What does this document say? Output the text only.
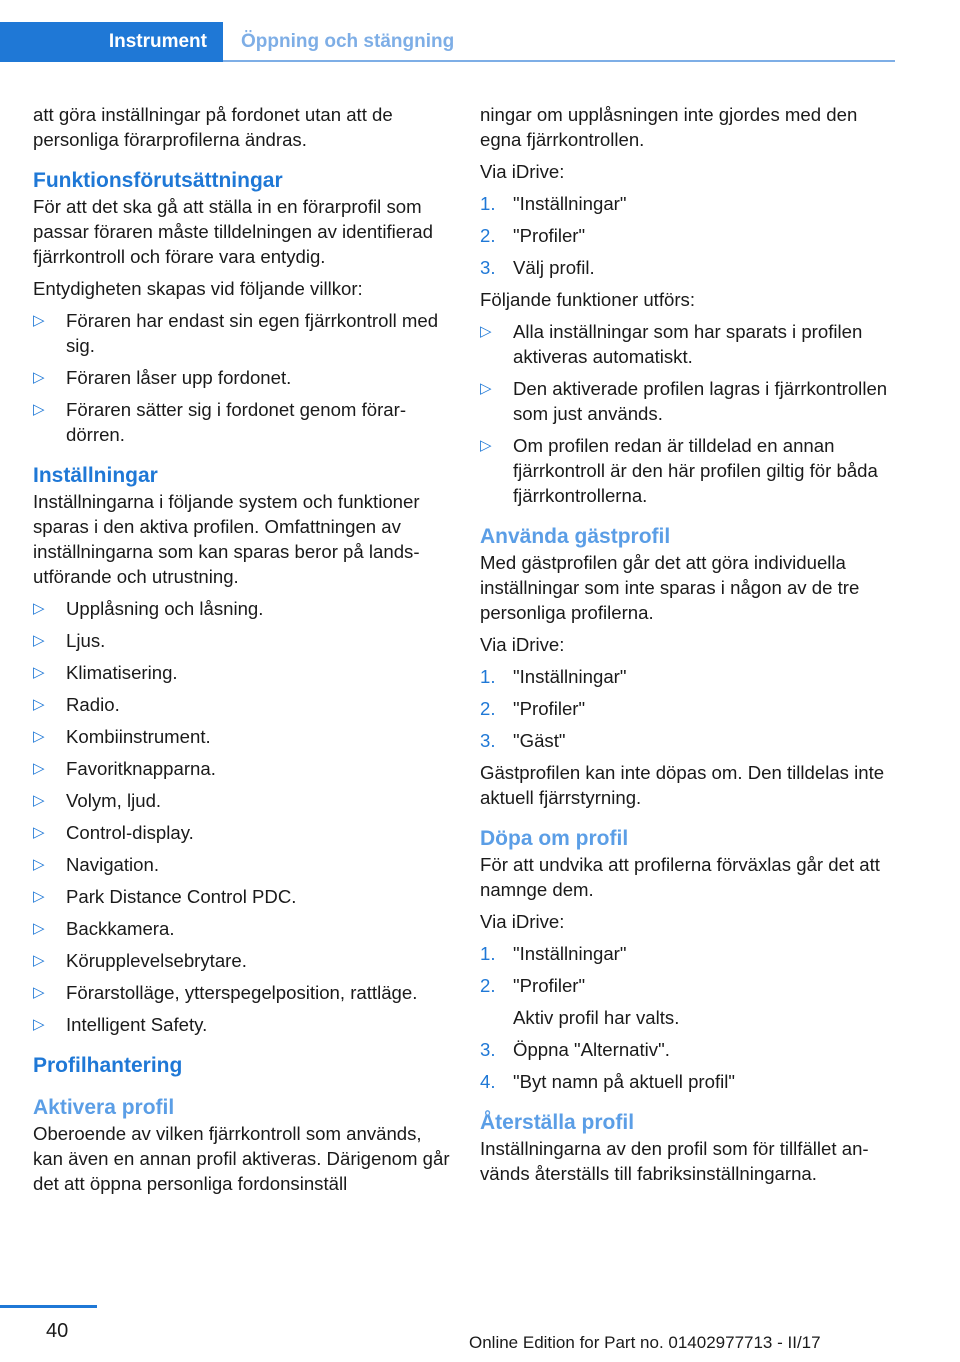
Instrument	Öppning och stängning

att göra inställningar på fordonet utan att de personliga förarprofilerna ändras.

Funktionsförutsättningar

För att det ska gå att ställa in en förarprofil som passar föraren måste tilldelningen av identifierad fjärrkontroll och förare vara entydig.

Entydigheten skapas vid följande villkor:

▷ Föraren har endast sin egen fjärrkontroll med sig.
▷ Föraren låser upp fordonet.
▷ Föraren sätter sig i fordonet genom förardörren.
Inställningar

Inställningarna i följande system och funktioner sparas i den aktiva profilen. Omfattningen av inställningarna som kan sparas beror på landsutförande och utrustning.

▷ Upplåsning och låsning.
▷ Ljus.
▷ Klimatisering.
▷ Radio.
▷ Kombiinstrument.
▷ Favoritknapparna.
▷ Volym, ljud.
▷ Control-display.
▷ Navigation.
▷ Park Distance Control PDC.
▷ Backkamera.
▷ Körupplevelsebrytare.
▷ Förarstolläge, ytterspegelposition, rattläge.
▷ Intelligent Safety.
Profilhantering
Aktivera profil

Oberoende av vilken fjärrkontroll som används, kan även en annan profil aktiveras. Därigenom går det att öppna personliga fordonsinställ

ningar om upplåsningen inte gjordes med den egna fjärrkontrollen.

Via iDrive:

1. "Inställningar"
2. "Profiler"
3. Välj profil.

Följande funktioner utförs:

▷ Alla inställningar som har sparats i profilen aktiveras automatiskt.
▷ Den aktiverade profilen lagras i fjärrkontrollen som just används.
▷ Om profilen redan är tilldelad en annan fjärrkontroll är den här profilen giltig för båda fjärrkontrollerna.
Använda gästprofil

Med gästprofilen går det att göra individuella inställningar som inte sparas i någon av de tre personliga profilerna.

Via iDrive:

1. "Inställningar"
2. "Profiler"
3. "Gäst"

Gästprofilen kan inte döpas om. Den tilldelas inte aktuell fjärrstyrning.

Döpa om profil

För att undvika att profilerna förväxlas går det att namnge dem.

Via iDrive:

1. "Inställningar"
2. "Profiler"

Aktiv profil har valts.

3. Öppna "Alternativ".
4. "Byt namn på aktuell profil"
Återställa profil

Inställningarna av den profil som för tillfället används återställs till fabriksinställningarna.

40
Online Edition for Part no. 01402977713 - II/17
